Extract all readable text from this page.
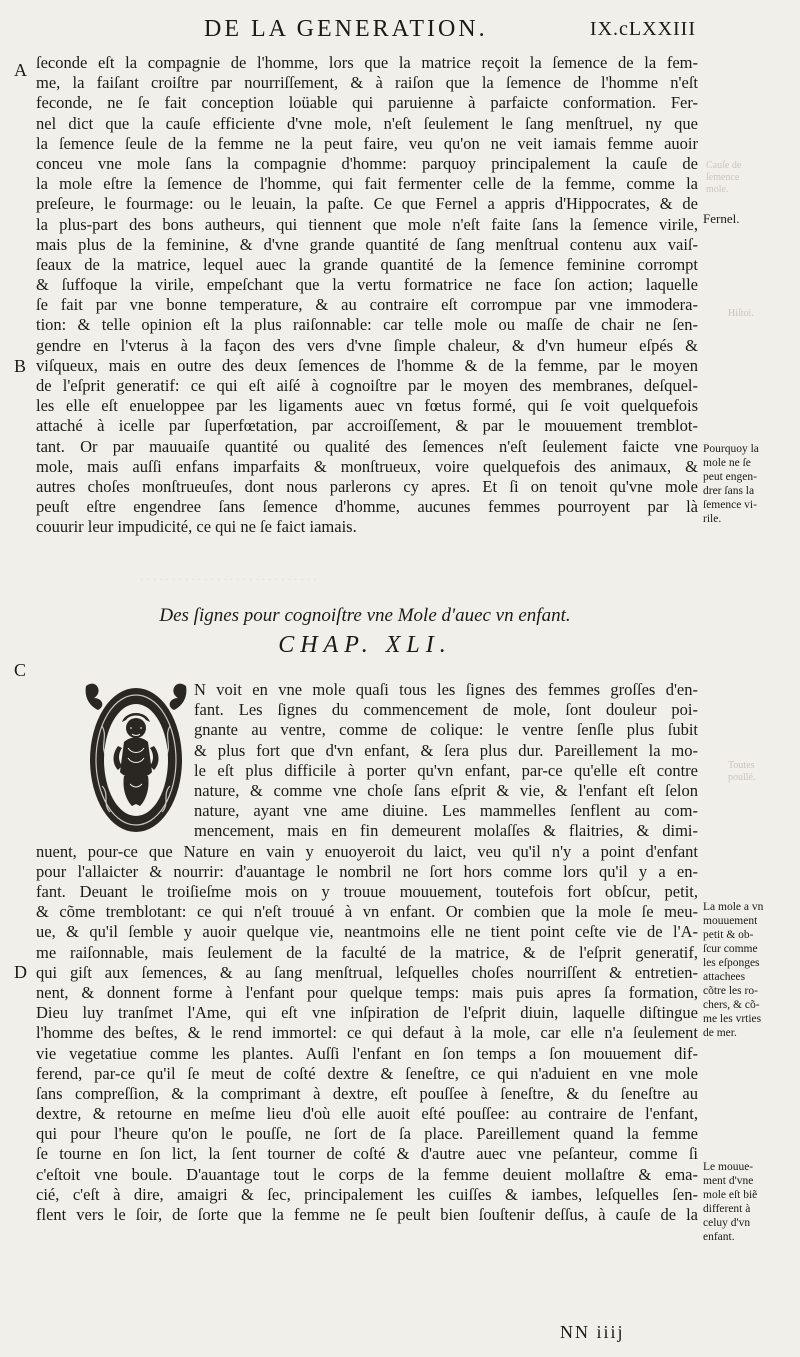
DE LA GENERATION.	IX.cLXXIII
Cauſe de
ſemence
mole.
Hiſtoi.
Toutes
poullé.
· · · · · · · · · · · · · · · · · · · · · · · · · · · ·
A
B
C
D
ſeconde eſt la compagnie de l'homme, lors que la matrice reçoit la ſemence de la fem-
me, la faiſant croiſtre par nourriſſement, & à raiſon que la ſemence de l'homme n'eſt
feconde, ne ſe fait conception loüable qui paruienne à parfaicte conformation. Fer-
nel dict que la cauſe efficiente d'vne mole, n'eſt ſeulement le ſang menſtruel, ny que
la ſemence ſeule de la femme ne la peut faire, veu qu'on ne veit iamais femme auoir
conceu vne mole ſans la compagnie d'homme: parquoy principalement la cauſe de
la mole eſtre la ſemence de l'homme, qui fait fermenter celle de la femme, comme la
preſeure, le fourmage: ou le leuain, la paſte. Ce que Fernel a appris d'Hippocrates, & de
la plus-part des bons autheurs, qui tiennent que mole n'eſt faite ſans la ſemence virile,
mais plus de la feminine, & d'vne grande quantité de ſang menſtrual contenu aux vaiſ-
ſeaux de la matrice, lequel auec la grande quantité de la ſemence feminine corrompt
& ſuffoque la virile, empeſchant que la vertu formatrice ne face ſon action; laquelle
ſe fait par vne bonne temperature, & au contraire eſt corrompue par vne immodera-
tion: & telle opinion eſt la plus raiſonnable: car telle mole ou maſſe de chair ne ſen-
gendre en l'vterus à la façon des vers d'vne ſimple chaleur, & d'vn humeur eſpés &
viſqueux, mais en outre des deux ſemences de l'homme & de la femme, par le moyen
de l'eſprit generatif: ce qui eſt aiſé à cognoiſtre par le moyen des membranes, deſquel-
les elle eſt enueloppee par les ligaments auec vn fœtus formé, qui ſe voit quelquefois
attaché à icelle par ſuperfœtation, par accroiſſement, & par le mouuement tremblot-
tant. Or par mauuaiſe quantité ou qualité des ſemences n'eſt ſeulement faicte vne
mole, mais auſſi enfans imparfaits & monſtrueux, voire quelquefois des animaux, &
autres choſes monſtrueuſes, dont nous parlerons cy apres. Et ſi on tenoit qu'vne mole
peuſt eſtre engendree ſans ſemence d'homme, aucunes femmes pourroyent par là
couurir leur impudicité, ce qui ne ſe faict iamais.
Des ſignes pour cognoiſtre vne Mole d'auec vn enfant.
CHAP. XLI.
N voit en vne mole quaſi tous les ſignes des femmes groſſes d'en-
fant. Les ſignes du commencement de mole, ſont douleur poi-
gnante au ventre, comme de colique: le ventre ſenſle plus ſubit
& plus fort que d'vn enfant, & ſera plus dur. Pareillement la mo-
le eſt plus difficile à porter qu'vn enfant, par-ce qu'elle eſt contre
nature, & comme vne choſe ſans eſprit & vie, & l'enfant eſt ſelon
nature, ayant vne ame diuine. Les mammelles ſenflent au com-
mencement, mais en fin demeurent molaſſes & flaitries, & dimi-
nuent, pour-ce que Nature en vain y enuoyeroit du laict, veu qu'il n'y a point d'enfant
pour l'allaicter & nourrir: d'auantage le nombril ne ſort hors comme lors qu'il y a en-
fant. Deuant le troiſieſme mois on y trouue mouuement, toutefois fort obſcur, petit,
& cõme tremblotant: ce qui n'eſt trouué à vn enfant. Or combien que la mole ſe meu-
ue, & qu'il ſemble y auoir quelque vie, neantmoins elle ne tient point ceſte vie de l'A-
me raiſonnable, mais ſeulement de la faculté de la matrice, & de l'eſprit generatif,
qui giſt aux ſemences, & au ſang menſtrual, leſquelles choſes nourriſſent & entretien-
nent, & donnent forme à l'enfant pour quelque temps: mais puis apres ſa formation,
Dieu luy tranſmet l'Ame, qui eſt vne inſpiration de l'eſprit diuin, laquelle diſtingue
l'homme des beſtes, & le rend immortel: ce qui defaut à la mole, car elle n'a ſeulement
vie vegetatiue comme les plantes. Auſſi l'enfant en ſon temps a ſon mouuement dif-
ferend, par-ce qu'il ſe meut de coſté dextre & ſeneſtre, ce qui n'aduient en vne mole
ſans compreſſion, & la comprimant à dextre, eſt pouſſee à ſeneſtre, & du ſeneſtre au
dextre, & retourne en meſme lieu d'où elle auoit eſté pouſſee: au contraire de l'enfant,
qui pour l'heure qu'on le pouſſe, ne ſort de ſa place. Pareillement quand la femme
ſe tourne en ſon lict, la ſent tourner de coſté & d'autre auec vne peſanteur, comme ſi
c'eſtoit vne boule. D'auantage tout le corps de la femme deuient mollaſtre & ema-
cié, c'eſt à dire, amaigri & ſec, principalement les cuiſſes & iambes, leſquelles ſen-
flent vers le ſoir, de ſorte que la femme ne ſe peult bien ſouſtenir deſſus, à cauſe de la
Fernel.
Pourquoy la
mole ne ſe
peut engen-
drer ſans la
ſemence vi-
rile.
La mole a vn
mouuement
petit & ob-
ſcur comme
les eſponges
attachees
cõtre les ro-
chers, & cõ-
me les vrties
de mer.
Le mouue-
ment d'vne
mole eſt biẽ
different à
celuy d'vn
enfant.
NN iiij
